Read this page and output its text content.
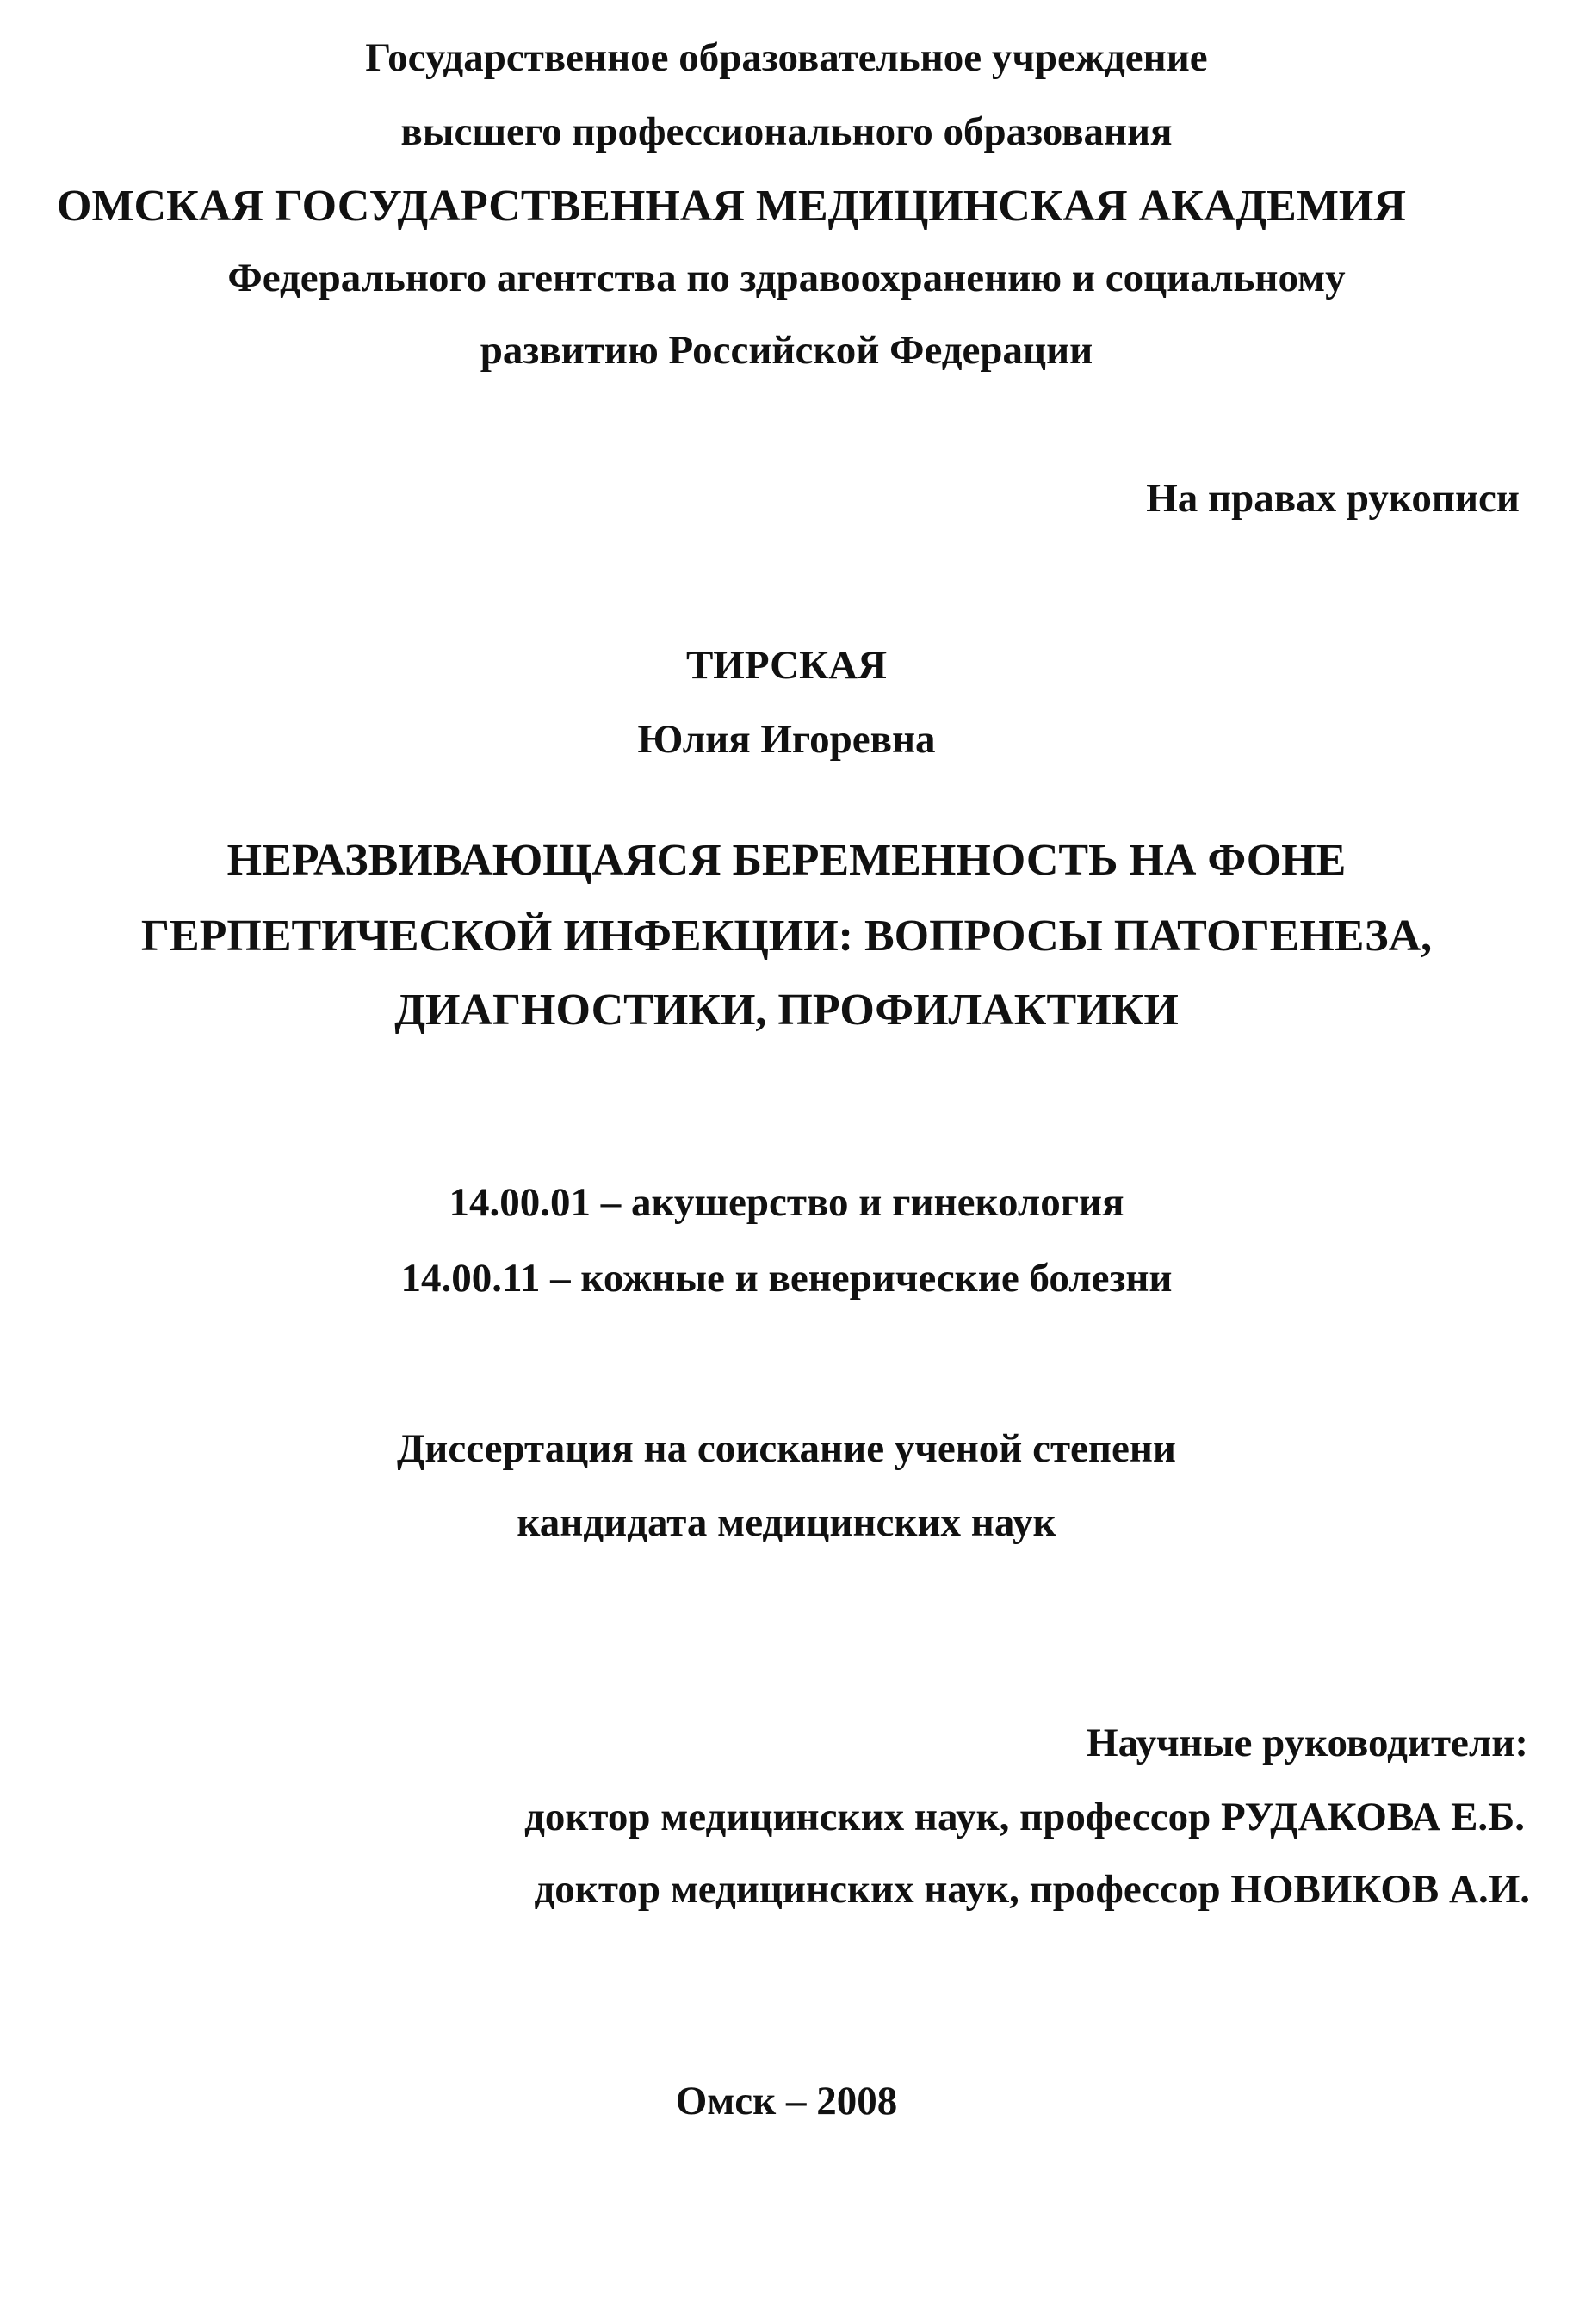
Государственное образовательное учреждение
высшего профессионального образования
ОМСКАЯ ГОСУДАРСТВЕННАЯ МЕДИЦИНСКАЯ АКАДЕМИЯ
Федерального агентства по здравоохранению и социальному
развитию Российской Федерации
На правах рукописи
ТИРСКАЯ
Юлия Игоревна
НЕРАЗВИВАЮЩАЯСЯ БЕРЕМЕННОСТЬ НА ФОНЕ
ГЕРПЕТИЧЕСКОЙ ИНФЕКЦИИ: ВОПРОСЫ ПАТОГЕНЕЗА,
ДИАГНОСТИКИ, ПРОФИЛАКТИКИ
14.00.01 – акушерство и гинекология
14.00.11 – кожные и венерические болезни
Диссертация на соискание ученой степени
кандидата медицинских наук
Научные руководители:
доктор медицинских наук, профессор РУДАКОВА Е.Б.
доктор медицинских наук, профессор НОВИКОВ А.И.
Омск – 2008
